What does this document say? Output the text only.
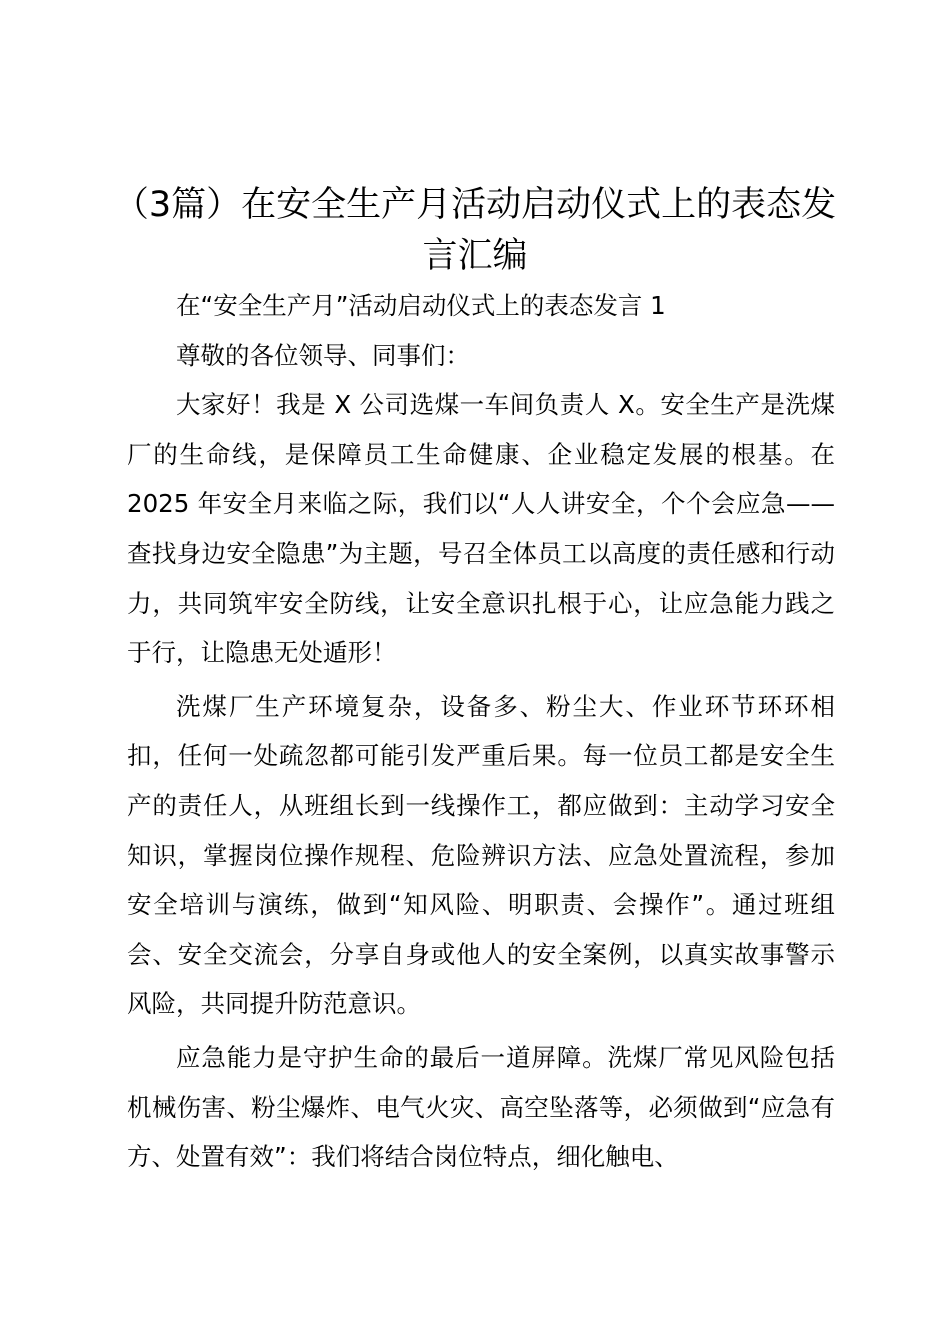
（3篇）在安全生产月活动启动仪式上的表态发言汇编

在“安全生产月”活动启动仪式上的表态发言 1

尊敬的各位领导、同事们：

大家好！我是 X 公司选煤一车间负责人 X。安全生产是洗煤厂的生命线，是保障员工生命健康、企业稳定发展的根基。在 2025 年安全月来临之际，我们以“人人讲安全，个个会应急——查找身边安全隐患”为主题，号召全体员工以高度的责任感和行动力，共同筑牢安全防线，让安全意识扎根于心，让应急能力践之于行，让隐患无处遁形！

洗煤厂生产环境复杂，设备多、粉尘大、作业环节环环相扣，任何一处疏忽都可能引发严重后果。每一位员工都是安全生产的责任人，从班组长到一线操作工，都应做到：主动学习安全知识，掌握岗位操作规程、危险辨识方法、应急处置流程，参加安全培训与演练，做到“知风险、明职责、会操作”。通过班组会、安全交流会，分享自身或他人的安全案例，以真实故事警示风险，共同提升防范意识。

应急能力是守护生命的最后一道屏障。洗煤厂常见风险包括机械伤害、粉尘爆炸、电气火灾、高空坠落等，必须做到“应急有方、处置有效”：我们将结合岗位特点，细化触电、
